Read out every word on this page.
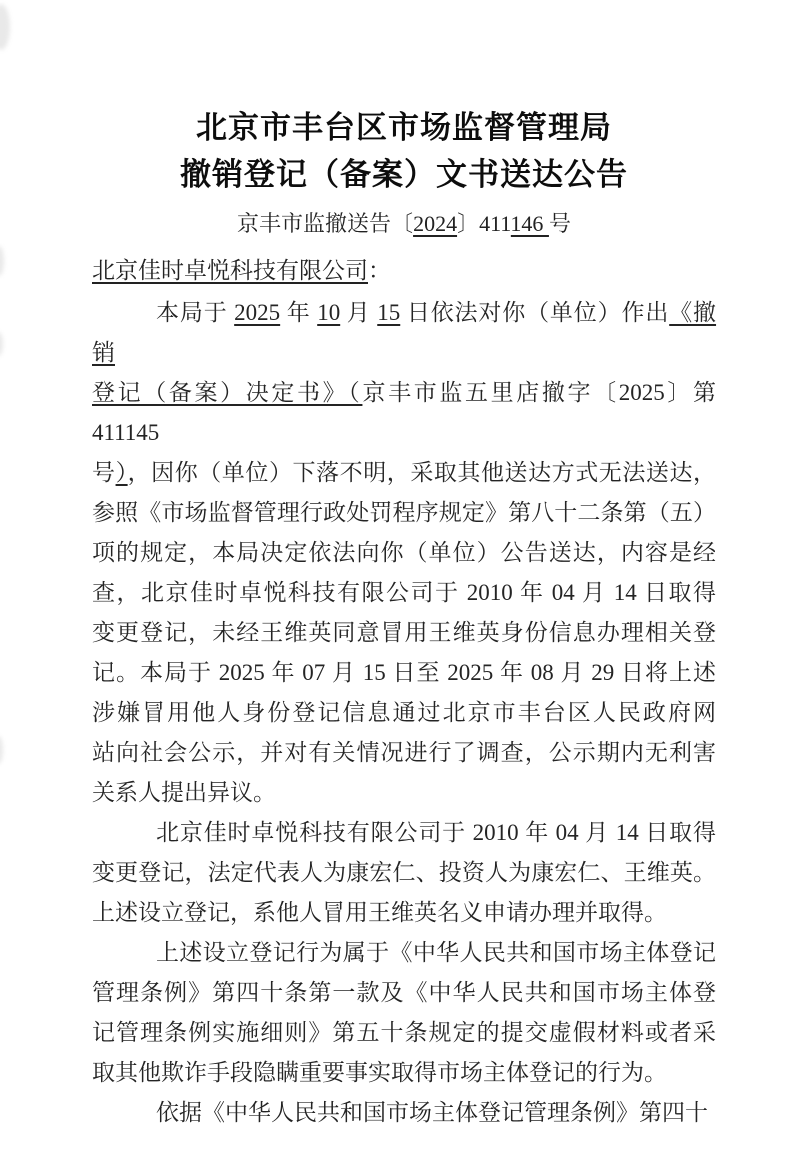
北京市丰台区市场监督管理局
撤销登记（备案）文书送达公告
京丰市监撤送告〔2024〕411146 号
北京佳时卓悦科技有限公司：
本局于 2025 年 10 月 15 日依法对你（单位）作出《撤销
登记（备案）决定书》（京丰市监五里店撤字〔2025〕第 411145
号），因你（单位）下落不明，采取其他送达方式无法送达，
参照《市场监督管理行政处罚程序规定》第八十二条第（五）
项的规定，本局决定依法向你（单位）公告送达，内容是经
查，北京佳时卓悦科技有限公司于 2010 年 04 月 14 日取得
变更登记，未经王维英同意冒用王维英身份信息办理相关登
记。本局于 2025 年 07 月 15 日至 2025 年 08 月 29 日将上述
涉嫌冒用他人身份登记信息通过北京市丰台区人民政府网
站向社会公示，并对有关情况进行了调查，公示期内无利害
关系人提出异议。
北京佳时卓悦科技有限公司于 2010 年 04 月 14 日取得
变更登记，法定代表人为康宏仁、投资人为康宏仁、王维英。
上述设立登记，系他人冒用王维英名义申请办理并取得。
上述设立登记行为属于《中华人民共和国市场主体登记
管理条例》第四十条第一款及《中华人民共和国市场主体登
记管理条例实施细则》第五十条规定的提交虚假材料或者采
取其他欺诈手段隐瞒重要事实取得市场主体登记的行为。
依据《中华人民共和国市场主体登记管理条例》第四十
